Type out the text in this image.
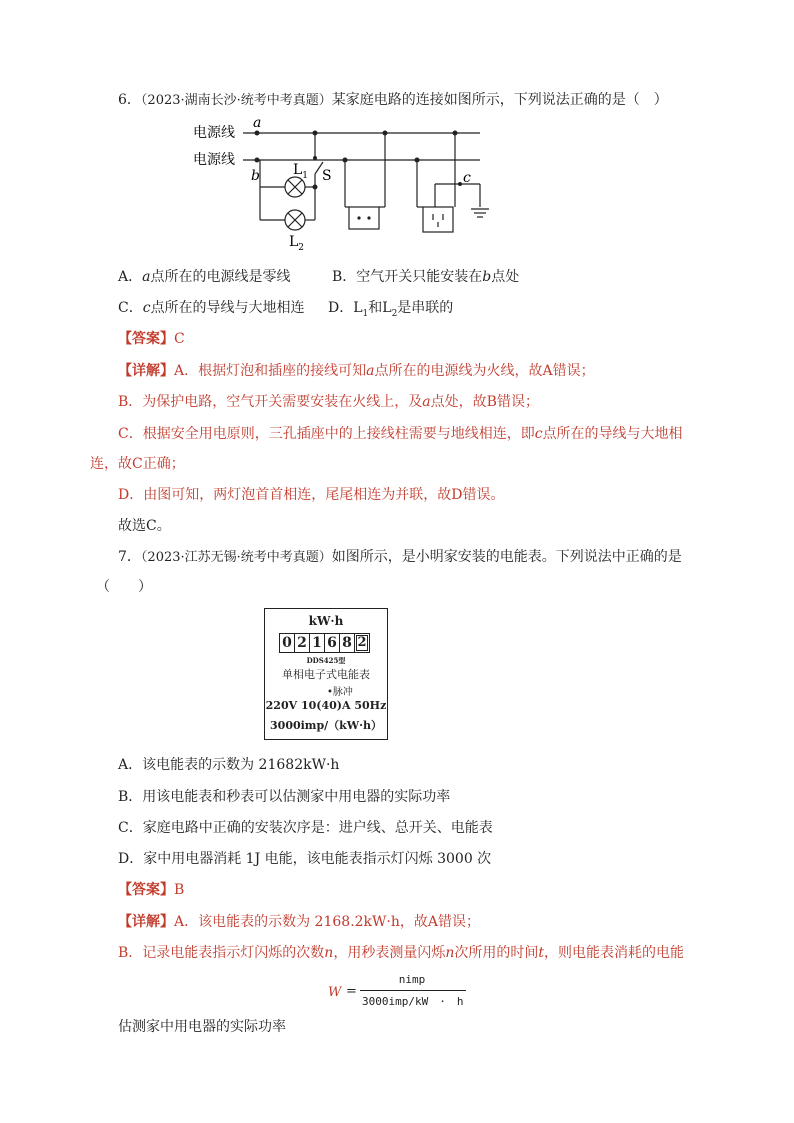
6．（2023·湖南长沙·统考中考真题）某家庭电路的连接如图所示，下列说法正确的是（　）
电源线
电源线
a
b	c
$L_1$
$L_2$
S
A．a点所在的电源线是零线	B．空气开关只能安装在b点处
C．c点所在的导线与大地相连 D．$L_1$和$L_2$是串联的
【答案】C
【详解】A．根据灯泡和插座的接线可知a点所在的电源线为火线，故A错误；
B．为保护电路，空气开关需要安装在火线上，及a点处，故B错误；
C．根据安全用电原则，三孔插座中的上接线柱需要与地线相连，即c点所在的导线与大地相
连，故C正确；
D．由图可知，两灯泡首首相连，尾尾相连为并联，故D错误。
故选C。
7．（2023·江苏无锡·统考中考真题）如图所示，是小明家安装的电能表。下列说法中正确的是
（　　）
kW·h
0 2 1 6 8 2
DDS425型
单相电子式电能表
•脉冲
220V 10(40)A 50Hz
3000imp/（kW·h）
A．该电能表的示数为 21682kW·h
B．用该电能表和秒表可以估测家中用电器的实际功率
C．家庭电路中正确的安装次序是：进户线、总开关、电能表
D．家中用电器消耗 1J 电能，该电能表指示灯闪烁 3000 次
【答案】B
【详解】A．该电能表的示数为 2168.2kW·h，故A错误；
B．记录电能表指示灯闪烁的次数n，用秒表测量闪烁n次所用的时间t，则电能表消耗的电能
W =
nimp
3000imp/kW　·　h
估测家中用电器的实际功率
